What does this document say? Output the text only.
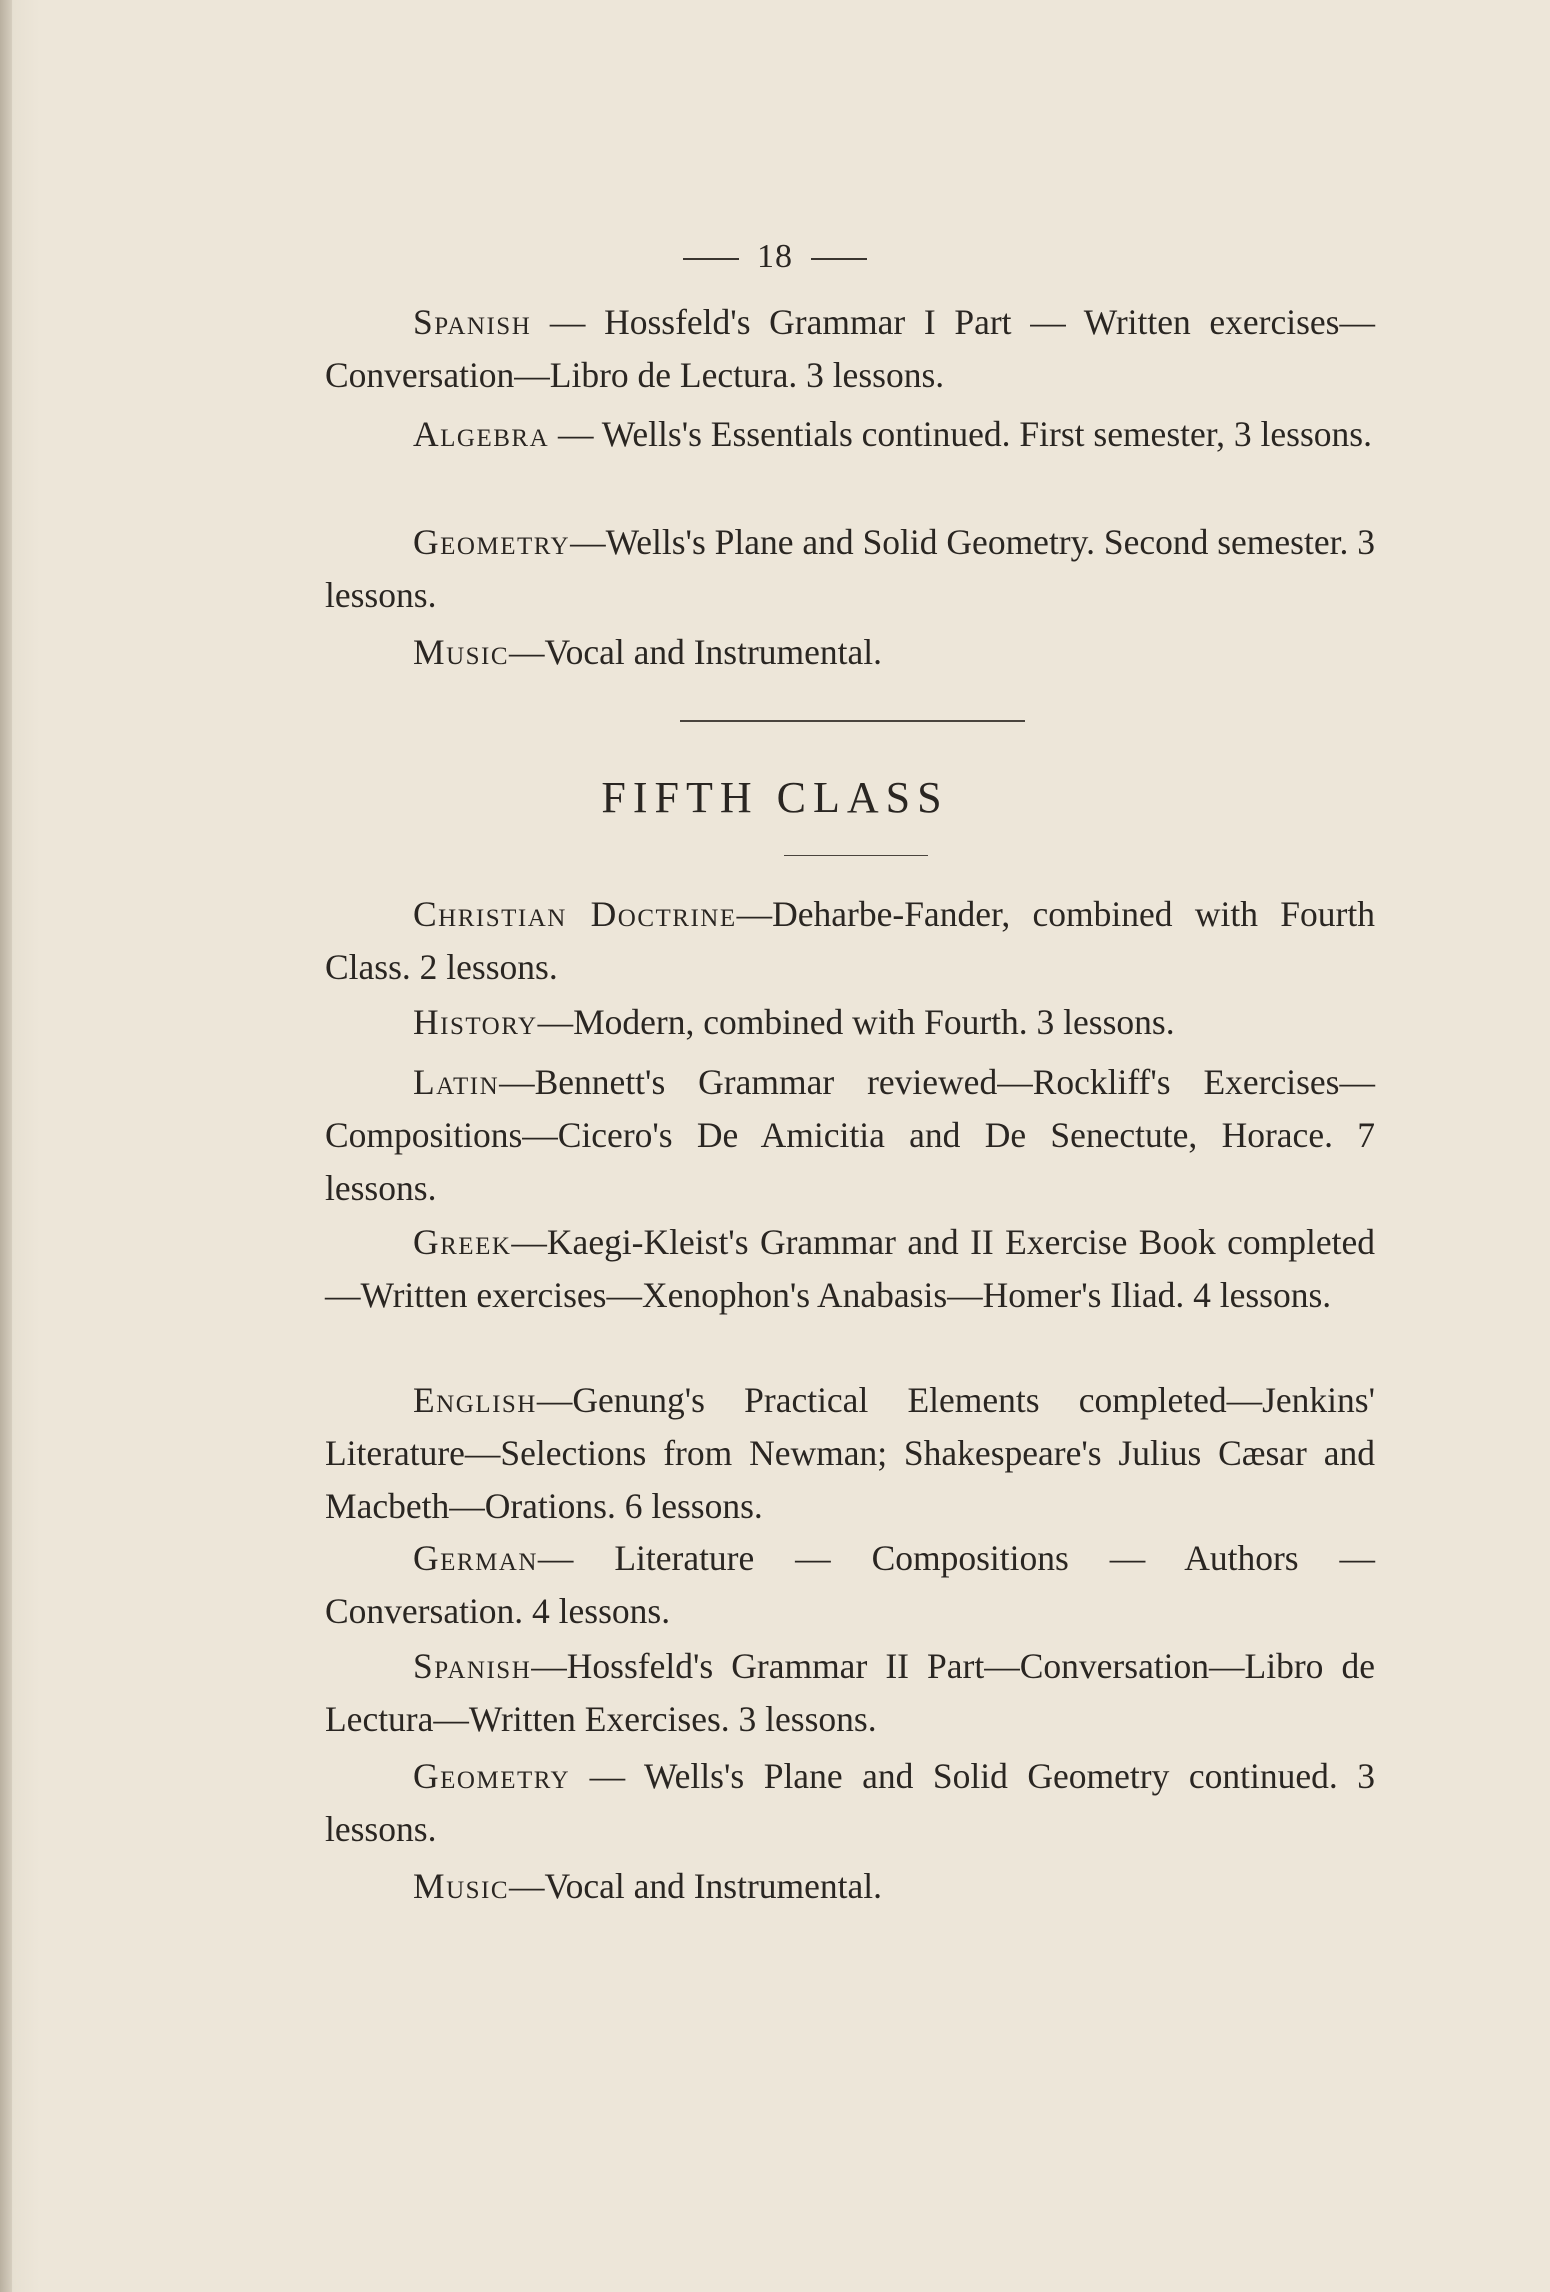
18

Spanish — Hossfeld's Grammar I Part — Written exercises—Conversation—Libro de Lectura. 3 lessons.

Algebra — Wells's Essentials continued. First semester, 3 lessons.

Geometry—Wells's Plane and Solid Geometry. Second semester. 3 lessons.

Music—Vocal and Instrumental.

FIFTH CLASS

Christian Doctrine—Deharbe-Fander, combined with Fourth Class. 2 lessons.

History—Modern, combined with Fourth. 3 lessons.

Latin—Bennett's Grammar reviewed—Rockliff's Exercises—Compositions—Cicero's De Amicitia and De Senectute, Horace. 7 lessons.

Greek—Kaegi-Kleist's Grammar and II Exercise Book completed—Written exercises—Xenophon's Anabasis—Homer's Iliad. 4 lessons.

English—Genung's Practical Elements completed—Jenkins' Literature—Selections from Newman; Shakespeare's Julius Cæsar and Macbeth—Orations. 6 lessons.

German— Literature — Compositions — Authors — Conversation. 4 lessons.

Spanish—Hossfeld's Grammar II Part—Conversation—Libro de Lectura—Written Exercises. 3 lessons.

Geometry — Wells's Plane and Solid Geometry continued. 3 lessons.

Music—Vocal and Instrumental.
